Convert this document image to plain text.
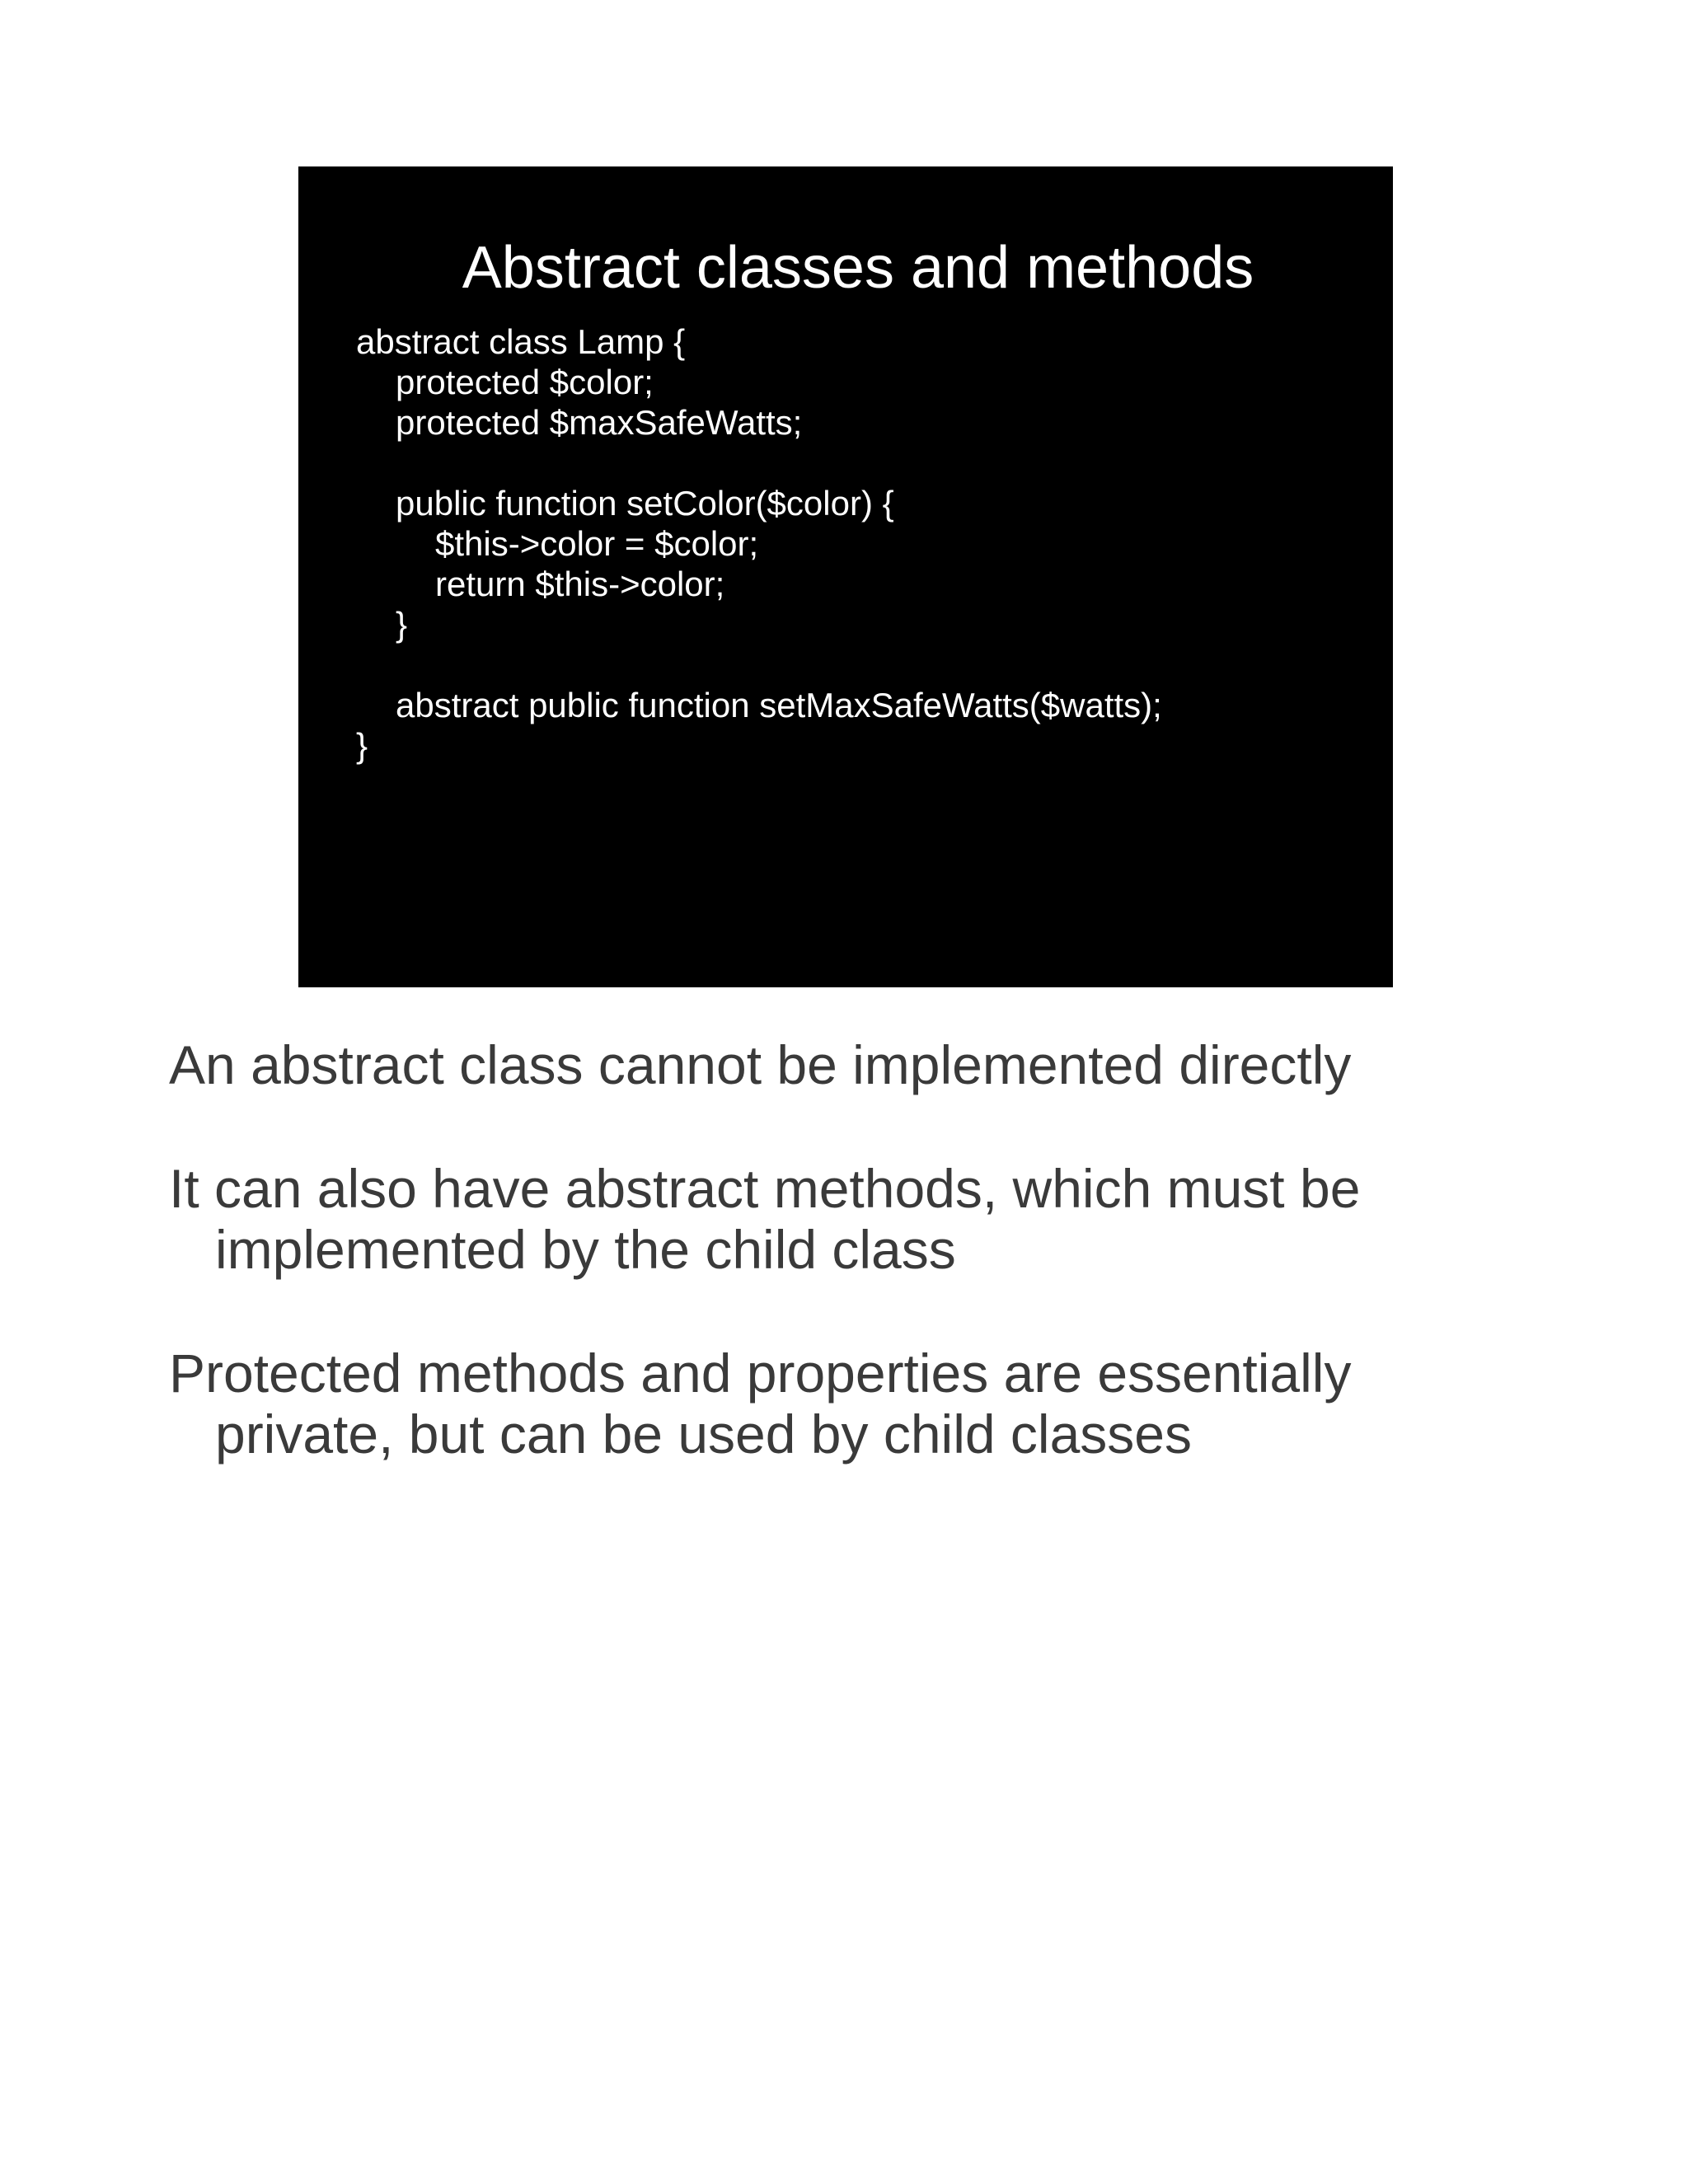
Abstract classes and methods
abstract class Lamp {
protected $color;
protected $maxSafeWatts;
public function setColor($color) {
$this->color = $color;
return $this->color;
}
abstract public function setMaxSafeWatts($watts);
}

An abstract class cannot be implemented directly

It can also have abstract methods, which must be implemented by the child class

Protected methods and properties are essentially private, but can be used by child classes
